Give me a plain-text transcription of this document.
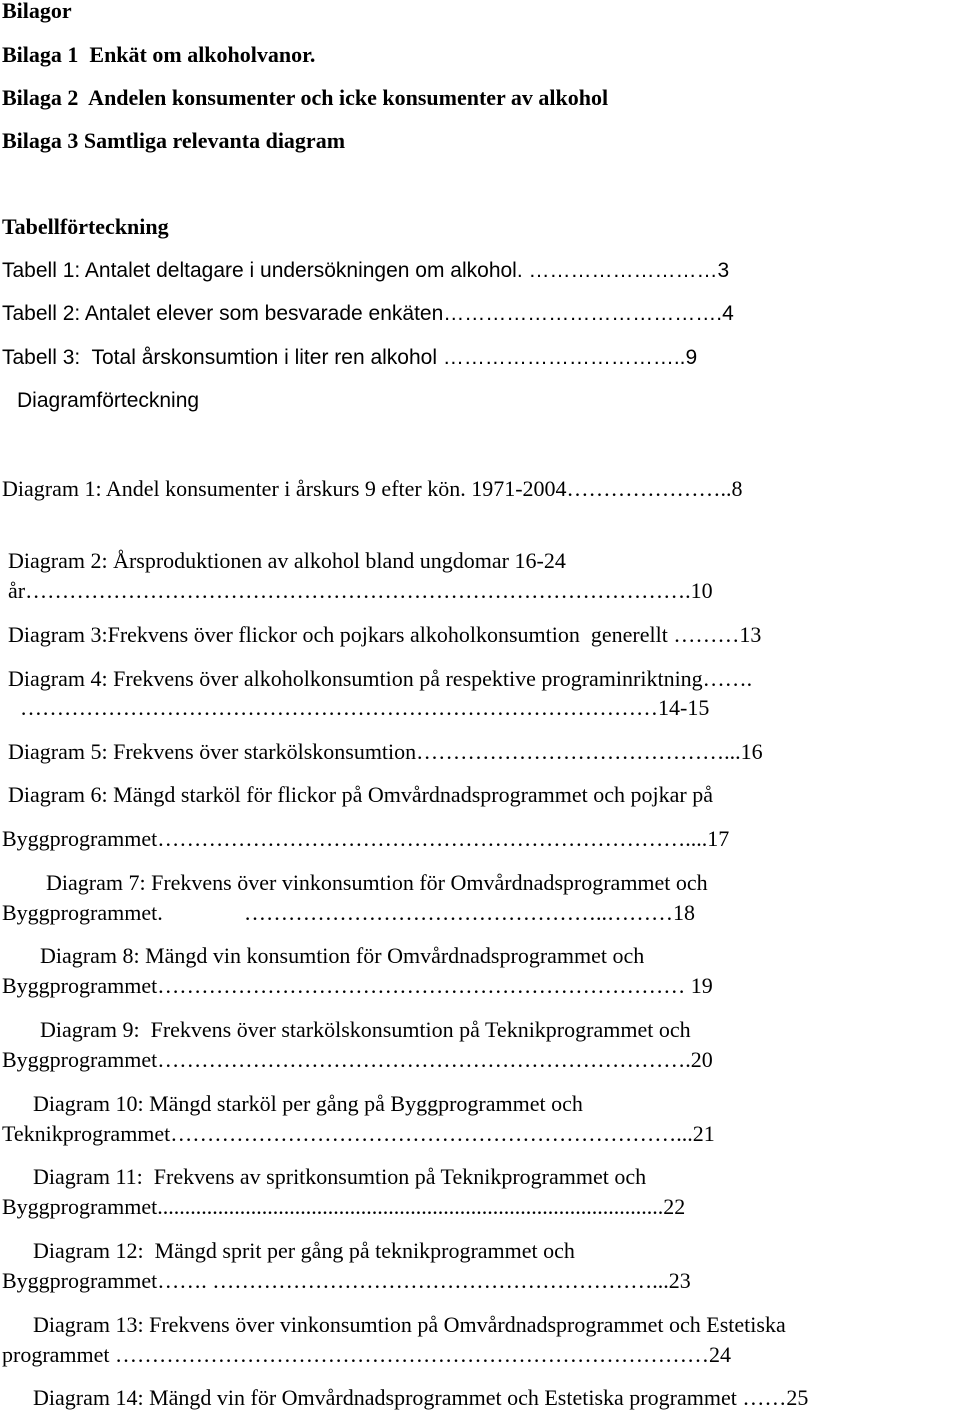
Bilagor
Bilaga 1  Enkät om alkoholvanor.
Bilaga 2  Andelen konsumenter och icke konsumenter av alkohol
Bilaga 3 Samtliga relevanta diagram
Tabellförteckning
Tabell 1: Antalet deltagare i undersökningen om alkohol. ………………………3
Tabell 2: Antalet elever som besvarade enkäten………………………………….4
Tabell 3:  Total årskonsumtion i liter ren alkohol ……………………………..9
Diagramförteckning
Diagram 1: Andel konsumenter i årskurs 9 efter kön. 1971-2004…………………..8
Diagram 2: Årsproduktionen av alkohol bland ungdomar 16-24
år……………………………………………………………………………….10
Diagram 3:Frekvens över flickor och pojkars alkoholkonsumtion  generellt ………13
Diagram 4: Frekvens över alkoholkonsumtion på respektive programinriktning…….
……………………………………………………………………………14-15
Diagram 5: Frekvens över starkölskonsumtion……………………………………...16
Diagram 6: Mängd starköl för flickor på Omvårdnadsprogrammet och pojkar på
Byggprogrammet………………………………………………………………....17
Diagram 7: Frekvens över vinkonsumtion för Omvårdnadsprogrammet och
Byggprogrammet.	…………………………………………..………18
Diagram 8: Mängd vin konsumtion för Omvårdnadsprogrammet och
Byggprogrammet……………………………………………………………… 19
Diagram 9:  Frekvens över starkölskonsumtion på Teknikprogrammet och
Byggprogrammet……………………………………………………………….20
Diagram 10: Mängd starköl per gång på Byggprogrammet och
Teknikprogrammet……………………………………………………………...21
Diagram 11:  Frekvens av spritkonsumtion på Teknikprogrammet och
Byggprogrammet............................................................................................22
Diagram 12:  Mängd sprit per gång på teknikprogrammet och
Byggprogrammet……. ……………………………………………………...23
Diagram 13: Frekvens över vinkonsumtion på Omvårdnadsprogrammet och Estetiska
programmet ………………………………………………………………………24
Diagram 14: Mängd vin för Omvårdnadsprogrammet och Estetiska programmet ……25
